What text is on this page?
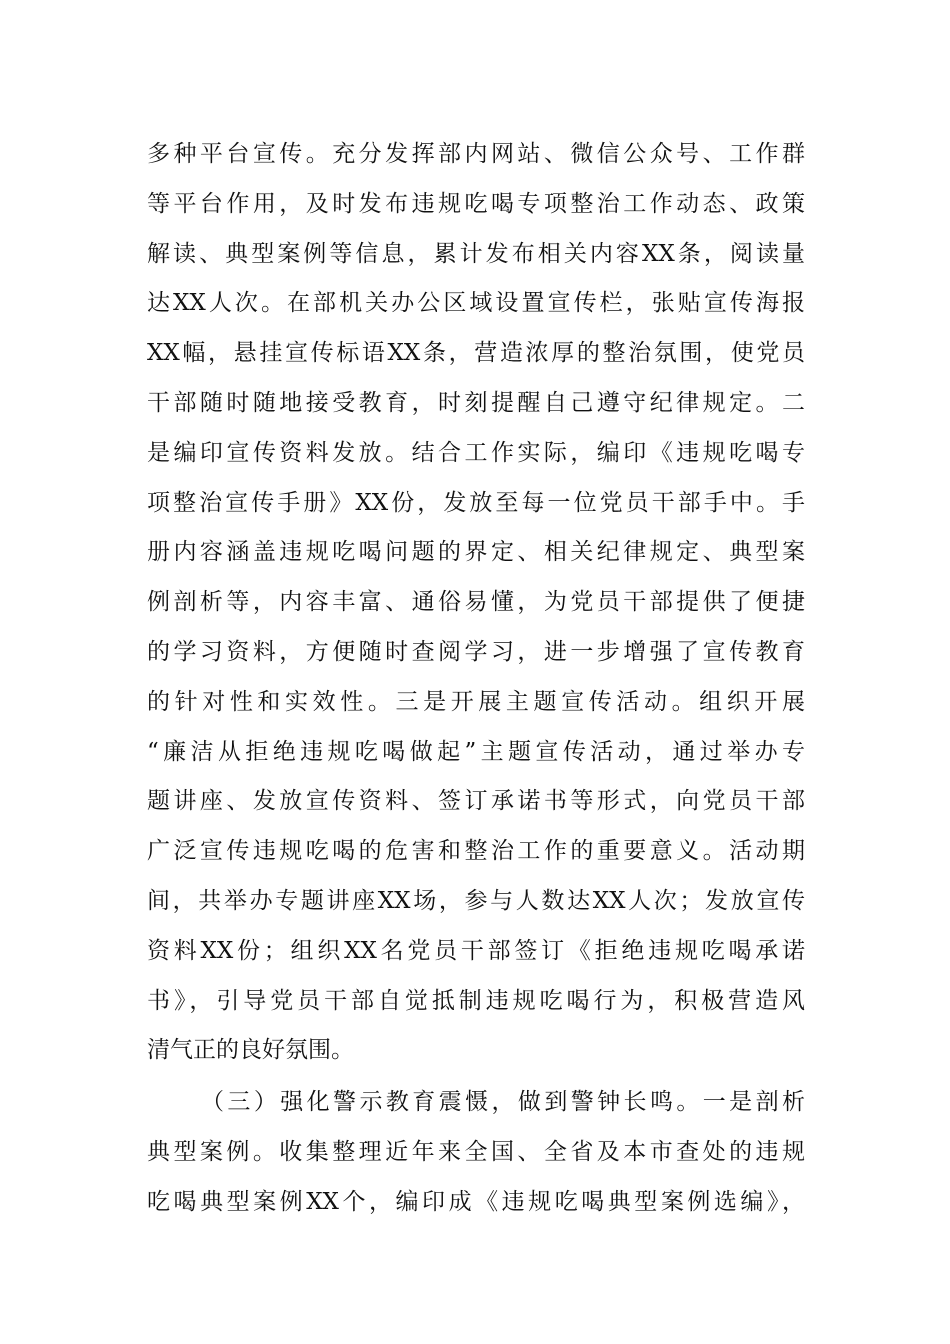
多种平台宣传。充分发挥部内网站、微信公众号、工作群
等平台作用，及时发布违规吃喝专项整治工作动态、政策
解读、典型案例等信息，累计发布相关内容XX条，阅读量
达XX人次。在部机关办公区域设置宣传栏，张贴宣传海报
XX幅，悬挂宣传标语XX条，营造浓厚的整治氛围，使党员
干部随时随地接受教育，时刻提醒自己遵守纪律规定。二
是编印宣传资料发放。结合工作实际，编印《违规吃喝专
项整治宣传手册》XX份，发放至每一位党员干部手中。手
册内容涵盖违规吃喝问题的界定、相关纪律规定、典型案
例剖析等，内容丰富、通俗易懂，为党员干部提供了便捷
的学习资料，方便随时查阅学习，进一步增强了宣传教育
的针对性和实效性。三是开展主题宣传活动。组织开展
“廉洁从拒绝违规吃喝做起”主题宣传活动，通过举办专
题讲座、发放宣传资料、签订承诺书等形式，向党员干部
广泛宣传违规吃喝的危害和整治工作的重要意义。活动期
间，共举办专题讲座XX场，参与人数达XX人次；发放宣传
资料XX份；组织XX名党员干部签订《拒绝违规吃喝承诺
书》，引导党员干部自觉抵制违规吃喝行为，积极营造风
清气正的良好氛围。
（三）强化警示教育震慑，做到警钟长鸣。一是剖析
典型案例。收集整理近年来全国、全省及本市查处的违规
吃喝典型案例XX个，编印成《违规吃喝典型案例选编》，
